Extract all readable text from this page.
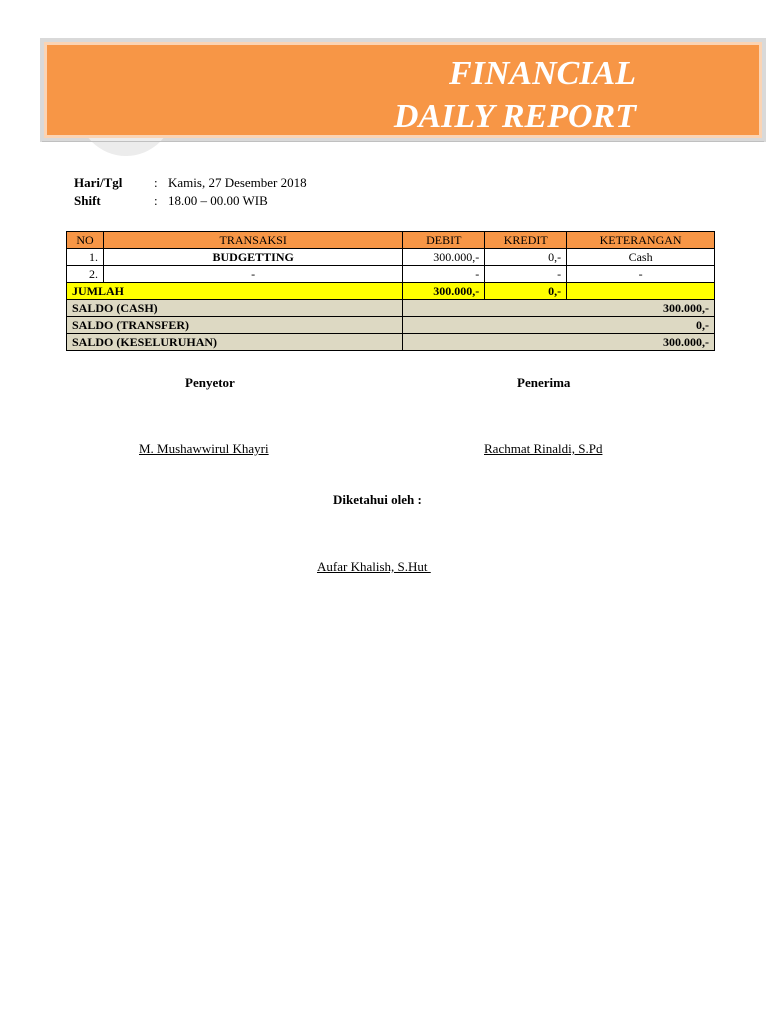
FINANCIAL
DAILY REPORT
Hari/Tgl	: Kamis, 27 Desember 2018
Shift	: 18.00 – 00.00 WIB
NO	TRANSAKSI	DEBIT	KREDIT	KETERANGAN
1.	BUDGETTING	300.000,-	0,-	Cash
2.	-	-	-	-
JUMLAH		300.000,-	0,-	
SALDO (CASH)		300.000,-		
SALDO (TRANSFER)		0,-		
SALDO (KESELURUHAN)		300.000,-		
Penyetor	Penerima
M. Mushawwirul Khayri	Rachmat Rinaldi, S.Pd
Diketahui oleh :
Aufar Khalish, S.Hut
